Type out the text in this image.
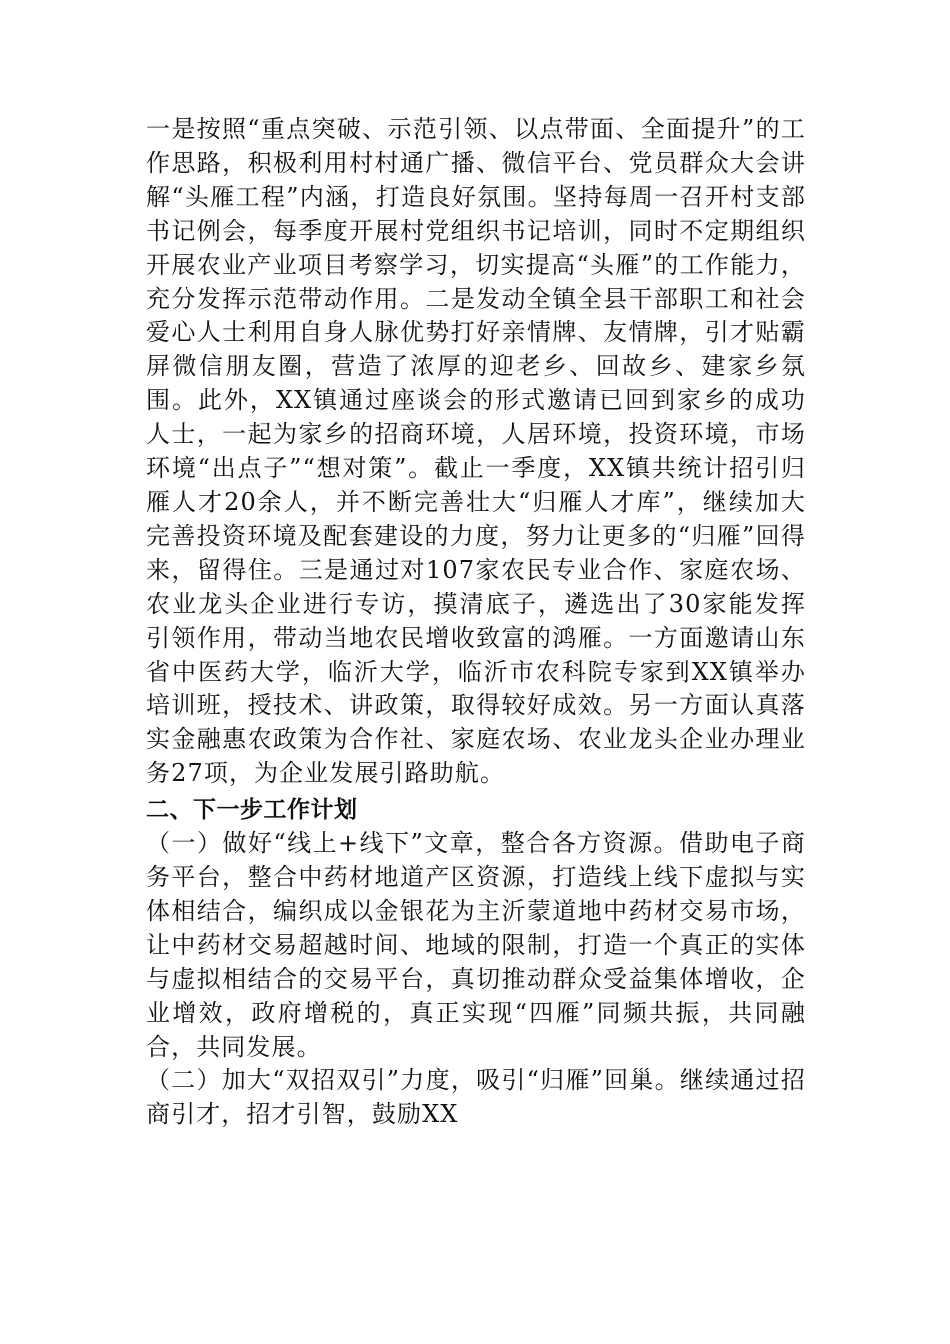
一是按照“重点突破、示范引领、以点带面、全面提升”的工作思路，积极利用村村通广播、微信平台、党员群众大会讲解“头雁工程”内涵，打造良好氛围。坚持每周一召开村支部书记例会，每季度开展村党组织书记培训，同时不定期组织开展农业产业项目考察学习，切实提高“头雁”的工作能力，充分发挥示范带动作用。二是发动全镇全县干部职工和社会爱心人士利用自身人脉优势打好亲情牌、友情牌，引才贴霸屏微信朋友圈，营造了浓厚的迎老乡、回故乡、建家乡氛围。此外，XX镇通过座谈会的形式邀请已回到家乡的成功人士，一起为家乡的招商环境，人居环境，投资环境，市场环境“出点子”“想对策”。截止一季度，XX镇共统计招引归雁人才20余人，并不断完善壮大“归雁人才库”，继续加大完善投资环境及配套建设的力度，努力让更多的“归雁”回得来，留得住。三是通过对107家农民专业合作、家庭农场、农业龙头企业进行专访，摸清底子，遴选出了30家能发挥引领作用，带动当地农民增收致富的鸿雁。一方面邀请山东省中医药大学，临沂大学，临沂市农科院专家到XX镇举办培训班，授技术、讲政策，取得较好成效。另一方面认真落实金融惠农政策为合作社、家庭农场、农业龙头企业办理业务27项，为企业发展引路助航。

二、下一步工作计划

（一）做好“线上+线下”文章，整合各方资源。借助电子商务平台，整合中药材地道产区资源，打造线上线下虚拟与实体相结合，编织成以金银花为主沂蒙道地中药材交易市场，让中药材交易超越时间、地域的限制，打造一个真正的实体与虚拟相结合的交易平台，真切推动群众受益集体增收，企业增效，政府增税的，真正实现“四雁”同频共振，共同融合，共同发展。

（二）加大“双招双引”力度，吸引“归雁”回巢。继续通过招商引才，招才引智，鼓励XX
